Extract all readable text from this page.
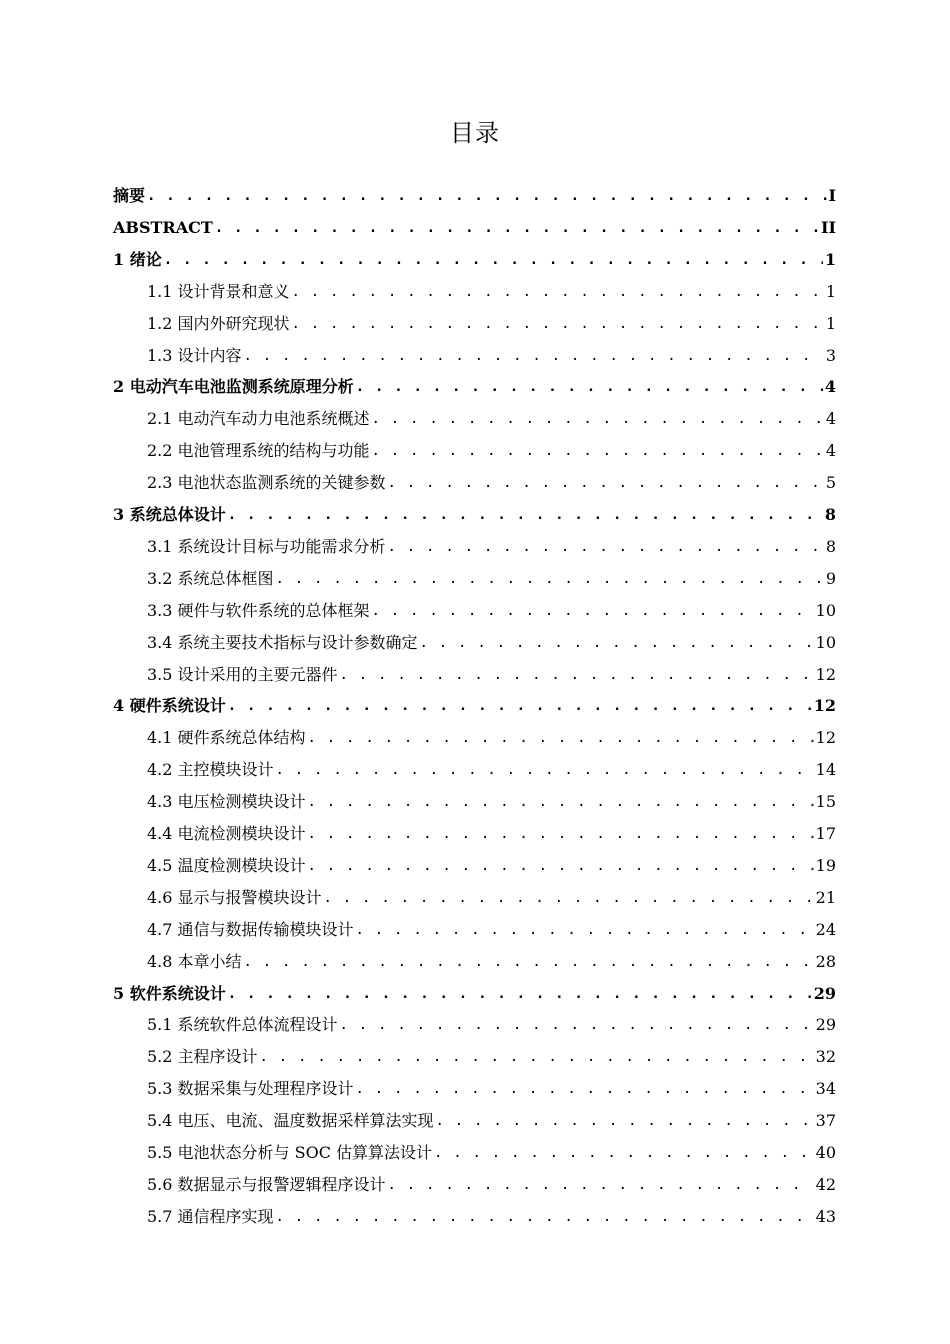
目录
摘要 . . .	I
ABSTRACT . . .	II
1 绪论 . . .	1
1.1 设计背景和意义 . . .	1
1.2 国内外研究现状 . . .	1
1.3 设计内容 . . .	3
2 电动汽车电池监测系统原理分析 . . .	4
2.1 电动汽车动力电池系统概述 . . .	4
2.2 电池管理系统的结构与功能 . . .	4
2.3 电池状态监测系统的关键参数 . . .	5
3 系统总体设计 . . .	8
3.1 系统设计目标与功能需求分析 . . .	8
3.2 系统总体框图 . . .	9
3.3 硬件与软件系统的总体框架 . . .	10
3.4 系统主要技术指标与设计参数确定 . . .	10
3.5 设计采用的主要元器件 . . .	12
4 硬件系统设计 . . .	12
4.1 硬件系统总体结构 . . .	12
4.2 主控模块设计 . . .	14
4.3 电压检测模块设计 . . .	15
4.4 电流检测模块设计 . . .	17
4.5 温度检测模块设计 . . .	19
4.6 显示与报警模块设计 . . .	21
4.7 通信与数据传输模块设计 . . .	24
4.8 本章小结 . . .	28
5 软件系统设计 . . .	29
5.1 系统软件总体流程设计 . . .	29
5.2 主程序设计 . . .	32
5.3 数据采集与处理程序设计 . . .	34
5.4 电压、电流、温度数据采样算法实现 . . .	37
5.5 电池状态分析与 SOC 估算算法设计 . . .	40
5.6 数据显示与报警逻辑程序设计 . . .	42
5.7 通信程序实现 . . .	43
